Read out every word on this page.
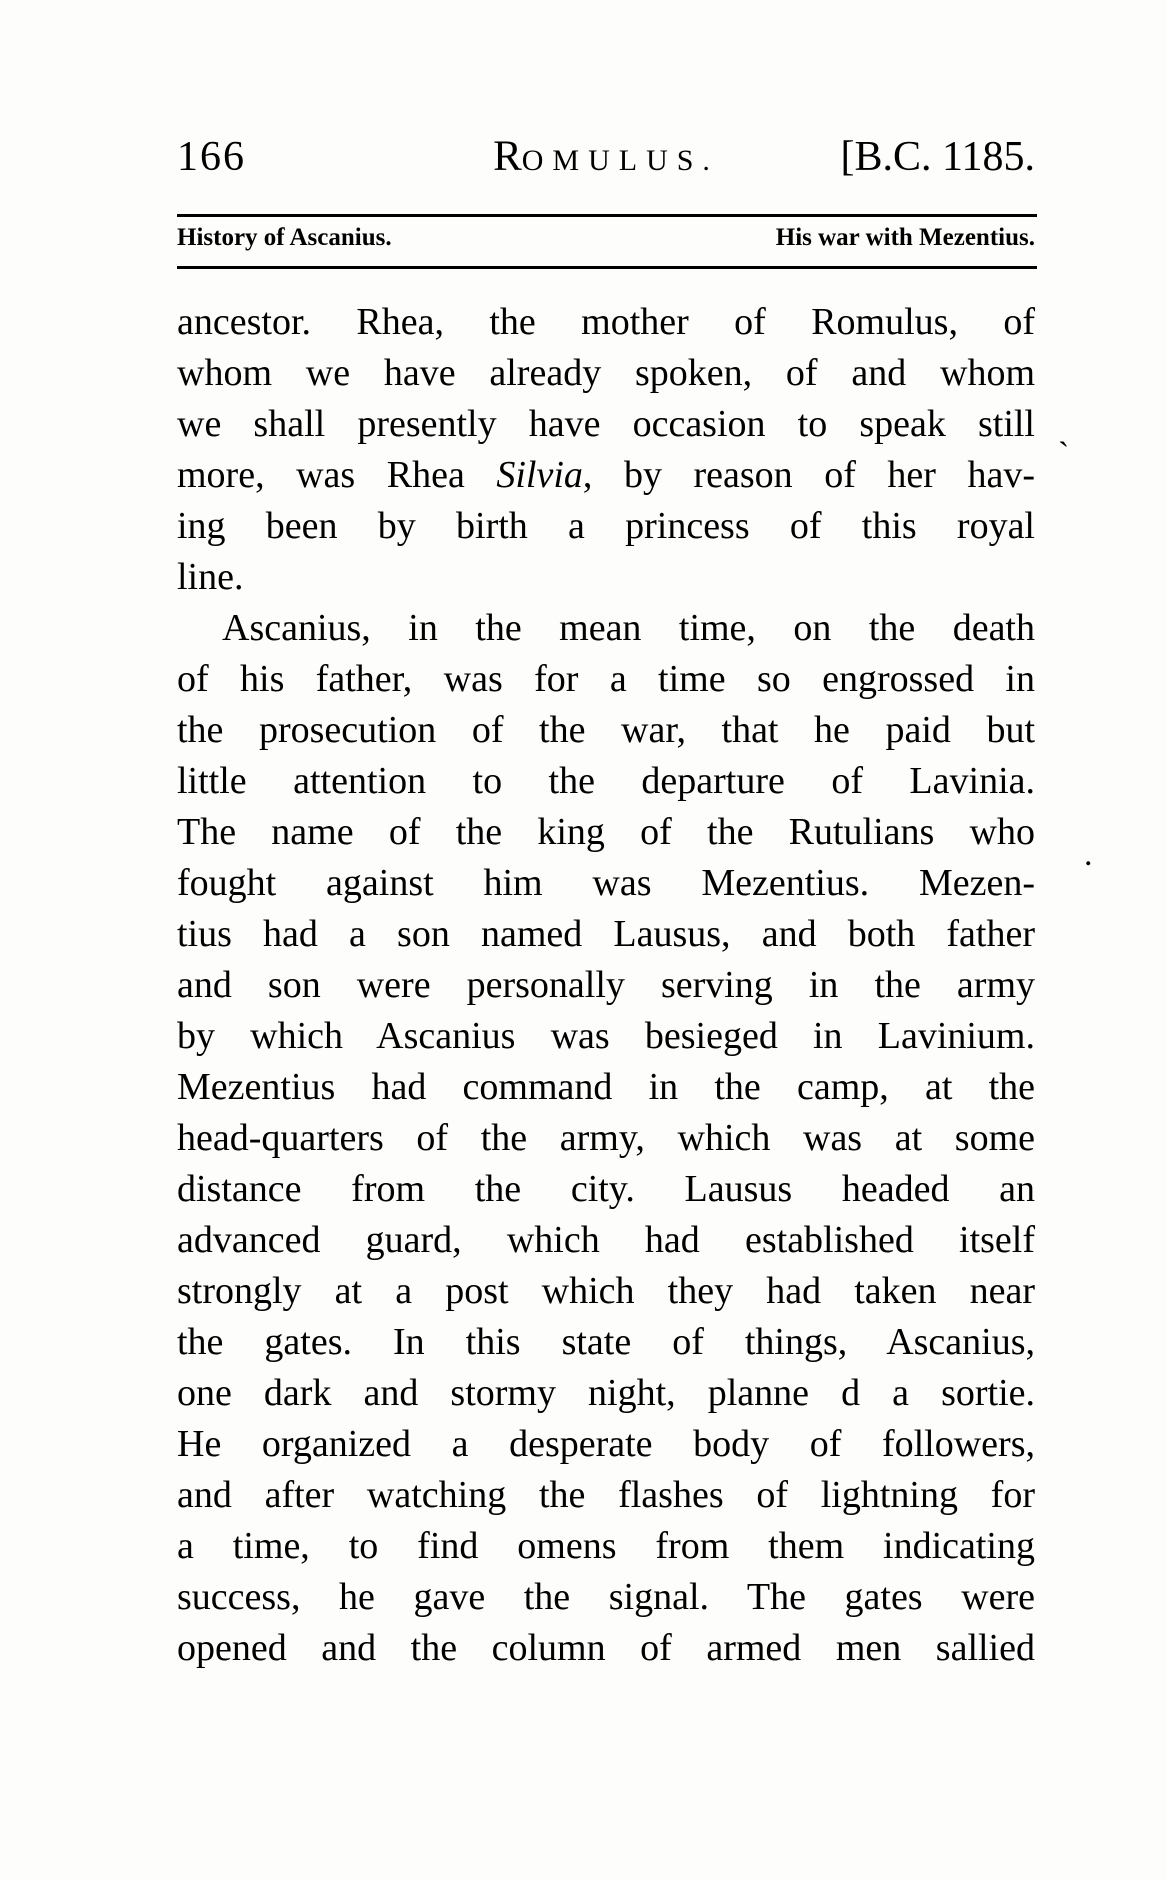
166	ROMULUS.	[B.C. 1185.
History of Ascanius.	His war with Mezentius.
ancestor. Rhea, the mother of Romulus, of
whom we have already spoken, of and whom
we shall presently have occasion to speak still
more, was Rhea Silvia, by reason of her hav-
ing been by birth a princess of this royal
line.
Ascanius, in the mean time, on the death
of his father, was for a time so engrossed in
the prosecution of the war, that he paid but
little attention to the departure of Lavinia.
The name of the king of the Rutulians who
fought against him was Mezentius. Mezen-
tius had a son named Lausus, and both father
and son were personally serving in the army
by which Ascanius was besieged in Lavinium.
Mezentius had command in the camp, at the
head-quarters of the army, which was at some
distance from the city. Lausus headed an
advanced guard, which had established itself
strongly at a post which they had taken near
the gates. In this state of things, Ascanius,
one dark and stormy night, planne d a sortie.
He organized a desperate body of followers,
and after watching the flashes of lightning for
a time, to find omens from them indicating
success, he gave the signal. The gates were
opened and the column of armed men sallied
`
.
